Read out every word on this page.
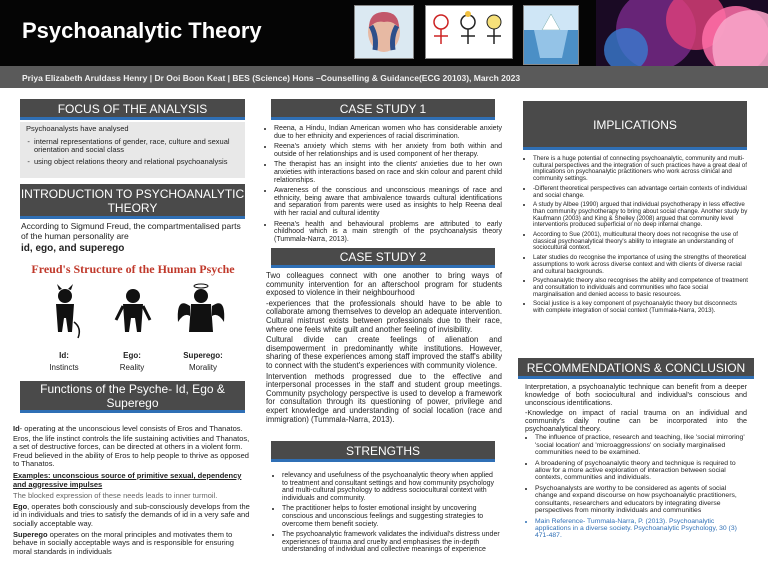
Psychoanalytic Theory
Priya Elizabeth Aruldass Henry | Dr Ooi Boon Keat | BES (Science) Hons –Counselling & Guidance(ECG 20103), March 2023
FOCUS OF THE ANALYSIS

Psychoanalysts have analysed

- internal representations of gender, race, culture and sexual orientation and social class
- using object relations theory and relational psychoanalysis
INTRODUCTION TO PSYCHOANALYTIC THEORY

According to Sigmund Freud, the compartmentalised parts of the human personality are

id, ego, and superego

Freud's Structure of the Human Psyche
Id:
Instincts
Ego:
Reality
Superego:
Morality
Functions of the Psyche- Id, Ego & Superego

Id- operating at the unconscious level consists of Eros and Thanatos.

Eros, the life instinct controls the life sustaining activities and Thanatos, a set of destructive forces, can be directed at others in a violent form. Freud believed in the ability of Eros to help people to thrive as opposed to Thanatos.

Examples: unconscious source of primitive sexual, dependency and aggressive impulses

The blocked expression of these needs leads to inner turmoil.

Ego, operates both consciously and sub-consciously develops from the id in individuals and tries to satisfy the demands of id in a very safe and socially acceptable way.

Superego operates on the moral principles and motivates them to behave in socially acceptable ways and is responsible for ensuring moral standards in individuals

CASE STUDY 1
• Reena, a Hindu, Indian American women who has considerable anxiety due to her ethnicity and experiences of racial discrimination.
• Reena's anxiety which stems with her anxiety from both within and outside of her relationships and is used component of her therapy.
• The therapist has an insight into the clients' anxieties due to her own anxieties with interactions based on race and skin colour and parent child relationships.
• Awareness of the conscious and unconscious meanings of race and ethnicity, being aware that ambivalence towards cultural identifications and separation from parents were used as insights to help Reena deal with her racial and cultural identity
• Reena's health and behavioural problems are attributed to early childhood which is a main strength of the psychoanalysis theory (Tummala-Narra, 2013).
CASE STUDY 2

Two colleagues connect with one another to bring ways of community intervention for an afterschool program for students exposed to violence in their neighbourhood

-experiences that the professionals should have to be able to collaborate among themselves to develop an adequate intervention. Cultural mistrust exists between professionals due to their race, where one feels white guilt and another feeling of invisibility.

Cultural divide can create feelings of alienation and disempowerment in predominantly white institutions. However, sharing of these experiences among staff improved the staff's ability to connect with the student's experiences with community violence.

Intervention methods progressed due to the effective and interpersonal processes in the staff and student group meetings. Community psychology perspective is used to develop a framework for consultation through its questioning of power, privilege and expert knowledge and understanding of social location (race and immigration) (Tummala-Narra, 2013).

STRENGTHS
• relevancy and usefulness of the psychoanalytic theory when applied to treatment and consultant settings and how community psychology and multi-cultural psychology to address sociocultural context with individuals and community.
• The practitioner helps to foster emotional insight by uncovering conscious and unconscious feelings and suggesting strategies to overcome them benefit society.
• The psychoanalytic framework validates the individual's distress under experiences of trauma and cruelty and emphasises the in-depth understanding of individual and collective meanings of experience
IMPLICATIONS
• There is a huge potential of connecting psychoanalytic, community and multi-cultural perspectives and the integration of such practices have a great deal of implications on psychoanalytic practitioners who work across clinical and community settings.
• -Different theoretical perspectives can advantage certain contexts of individual and social change.
• A study by Albee (1990) argued that individual psychotherapy in less effective than community psychotherapy to bring about social change. Another study by Kaufmann (2003) and King & Shelley (2008) argued that community level interventions produced superficial or no deep internal change.
• According to Sue (2001), multicultural theory does not recognise the use of classical psychoanalytical theory's ability to integrate an understanding of sociocultural context.
• Later studies do recognise the importance of using the strengths of theoretical assumptions to work across diverse context and with clients of diverse racial and cultural backgrounds.
• Psychoanalytic theory also recognises the ability and competence of treatment and consultation to individuals and communities who face social marginalisation and denied access to basic resources.
• Social justice is a key component of psychoanalytic theory but disconnects with complete integration of social context (Tummala-Narra, 2013).
RECOMMENDATIONS & CONCLUSION

Interpretation, a psychoanalytic technique can benefit from a deeper knowledge of both sociocultural and individual's conscious and unconscious identifications.

-Knowledge on impact of racial trauma on an individual and community's daily routine can be incorporated into the psychoanalytical theory.

• The influence of practice, research and teaching, like 'social mirroring' 'social location' and 'microaggressions' on socially marginalised communities need to be examined.
• A broadening of psychoanalytic theory and technique is required to allow for a more active exploration of interaction between social contexts, communities and individuals.
• Psychoanalysts are worthy to be considered as agents of social change and expand discourse on how psychoanalytic practitioners, consultants, researchers and educators by integrating diverse perspectives from minority individuals and communities
• Main Reference- Tummala-Narra, P. (2013). Psychoanalytic applications in a diverse society. Psychoanalytic Psychology, 30 (3) 471-487.
